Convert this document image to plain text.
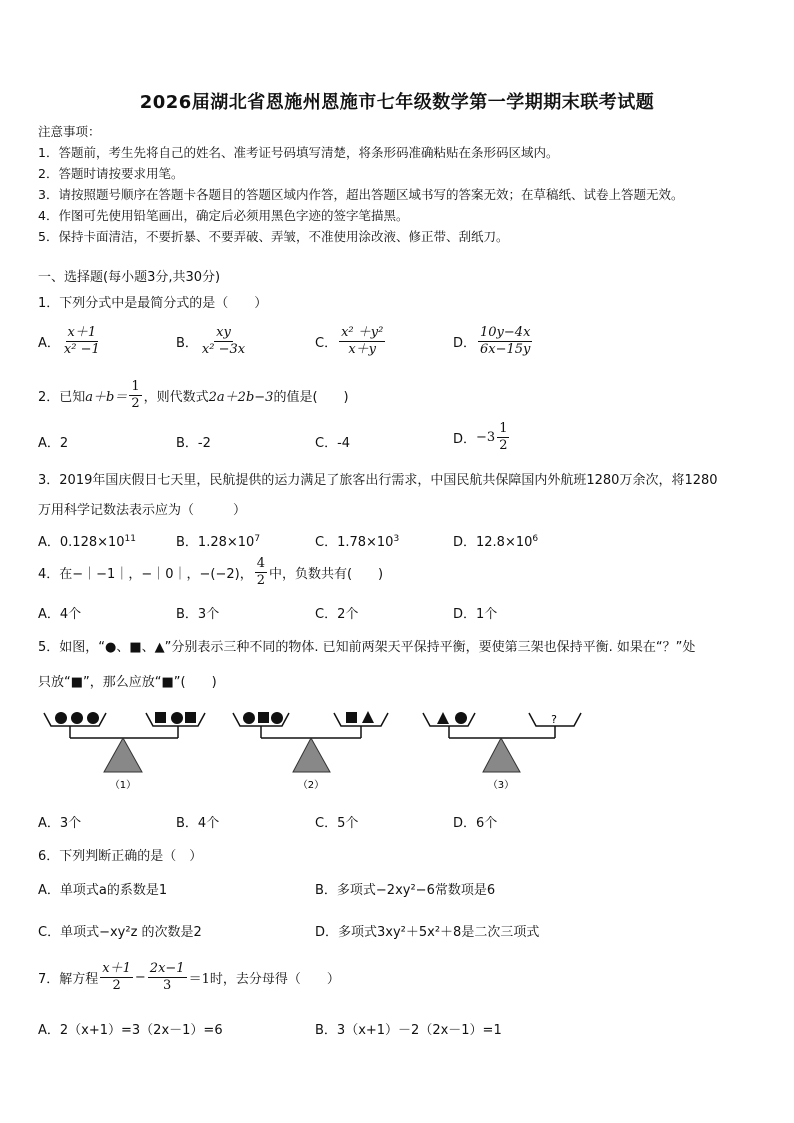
2026届湖北省恩施州恩施市七年级数学第一学期期末联考试题
注意事项：
1．答题前，考生先将自己的姓名、准考证号码填写清楚，将条形码准确粘贴在条形码区域内。
2．答题时请按要求用笔。
3．请按照题号顺序在答题卡各题目的答题区域内作答，超出答题区域书写的答案无效；在草稿纸、试卷上答题无效。
4．作图可先使用铅笔画出，确定后必须用黑色字迹的签字笔描黑。
5．保持卡面清洁，不要折暴、不要弄破、弄皱，不准使用涂改液、修正带、刮纸刀。
一、选择题(每小题3分,共30分)
1．下列分式中是最简分式的是（　　）
A． $\frac{x+1}{\text{x² −1}}$	B． $\frac{xy}{\text{x² −3x}}$	C． $\frac{\text{x² ＋y²}}{x+y}$	D． $\frac{10y-4x}{6x-15y}$
2．已知 $a+b= \frac{1}{2}$ ，则代数式 2a＋2b−3 的值是(　　)
A．2	B．-2	C．-4	D． $-3 \frac{1}{2}$
3．2019年国庆假日七天里，民航提供的运力满足了旅客出行需求，中国民航共保障国内外航班1280万余次，将1280
万用科学记数法表示应为（　　　）
A．$0.128\times 10^{11}$	B．$1.28\times 10^7$	C．$1.78\times 10^3$	D．$12.8\times 10^6$
4．在−｜−1｜，−｜0｜，−(−2)， $\frac{4}{2}$ 中，负数共有(　　)
A．4个	B．3个	C．2个	D．1个
5．如图，“●、■、▲”分别表示三种不同的物体. 已知前两架天平保持平衡，要使第三架也保持平衡. 如果在“？”处
只放“■”，那么应放“■”(　　)
（1）	（2）
?
（3）
A．3个	B．4个	C．5个	D．6个
6．下列判断正确的是（　）
A．单项式a的系数是1	B．多项式−2xy²−6常数项是6
C．单项式−xy²z 的次数是2	D．多项式3xy²＋5x²＋8是二次三项式
7．解方程 $\frac{x+1}{2} - \frac{2x-1}{3} =1$ 时，去分母得（　　）
A．2（x+1）=3（2x－1）=6	B．3（x+1）－2（2x－1）=1
